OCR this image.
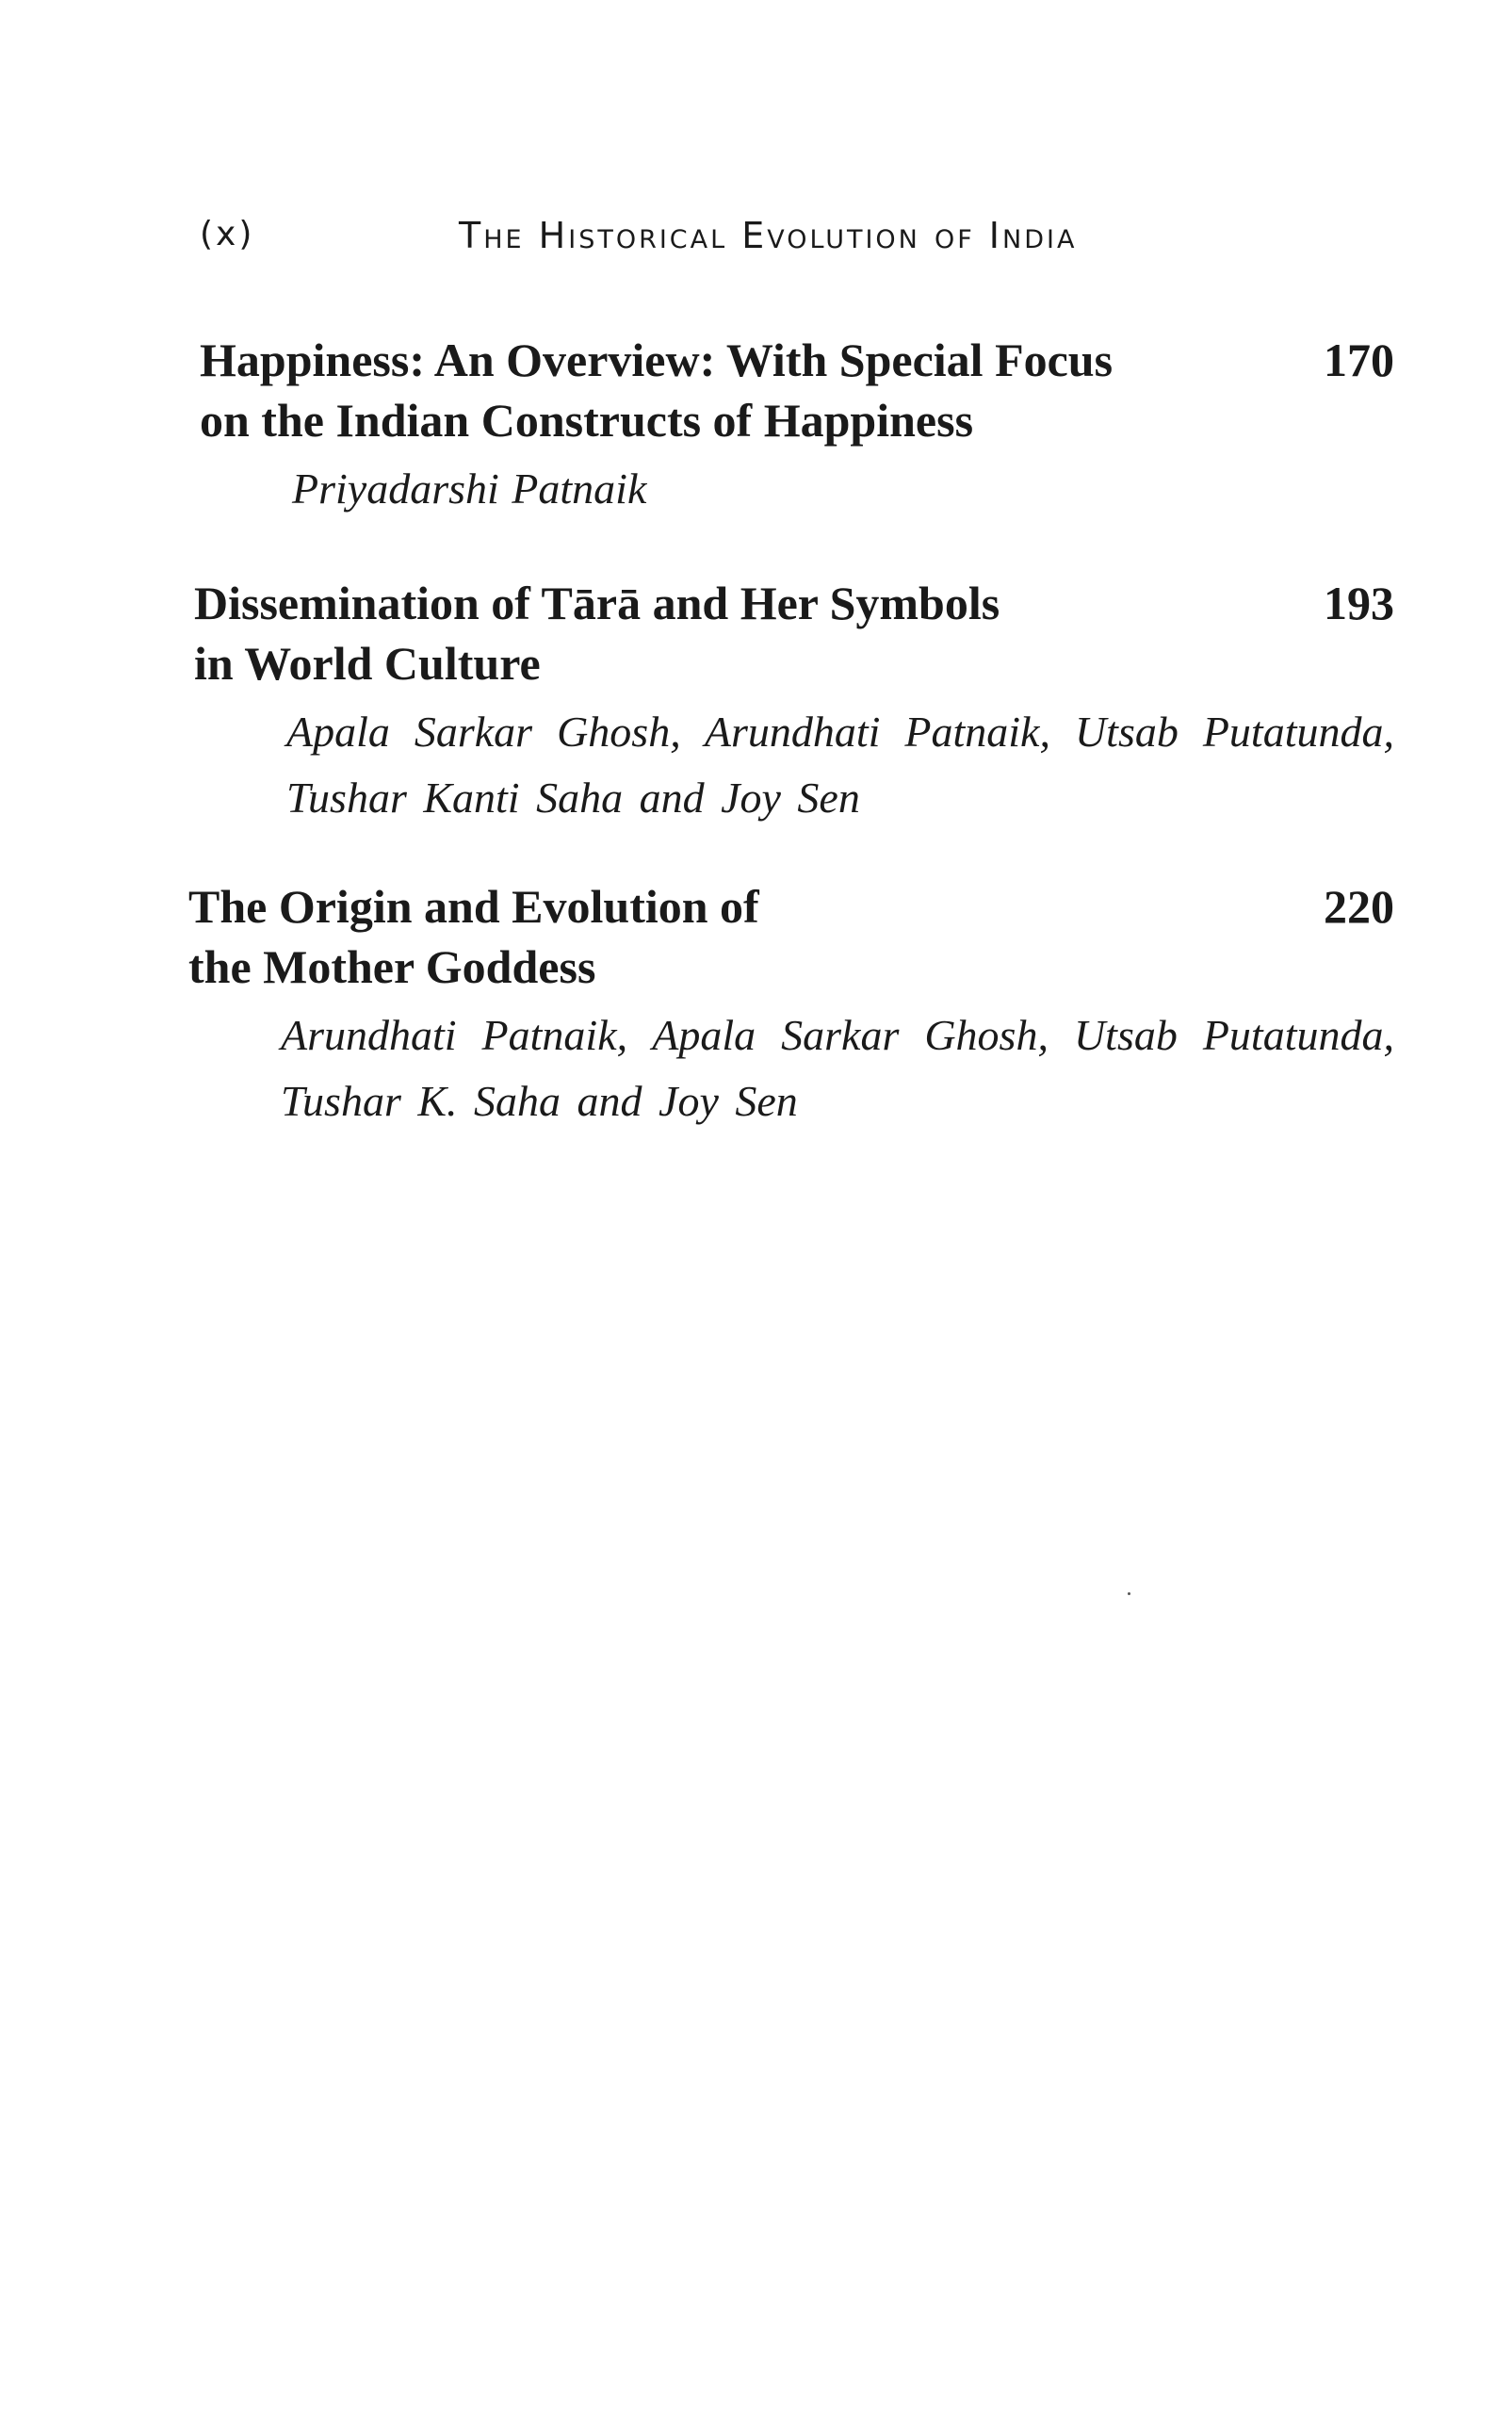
(x)	The Historical Evolution of India
Happiness: An Overview: With Special Focus
on the Indian Constructs of Happiness
170
Priyadarshi Patnaik
Dissemination of Tārā and Her Symbols
in World Culture
193
Apala Sarkar Ghosh, Arundhati Patnaik, Utsab Putatunda, Tushar Kanti Saha and Joy Sen
The Origin and Evolution of
the Mother Goddess
220
Arundhati Patnaik, Apala Sarkar Ghosh, Utsab Putatunda, Tushar K. Saha and Joy Sen
